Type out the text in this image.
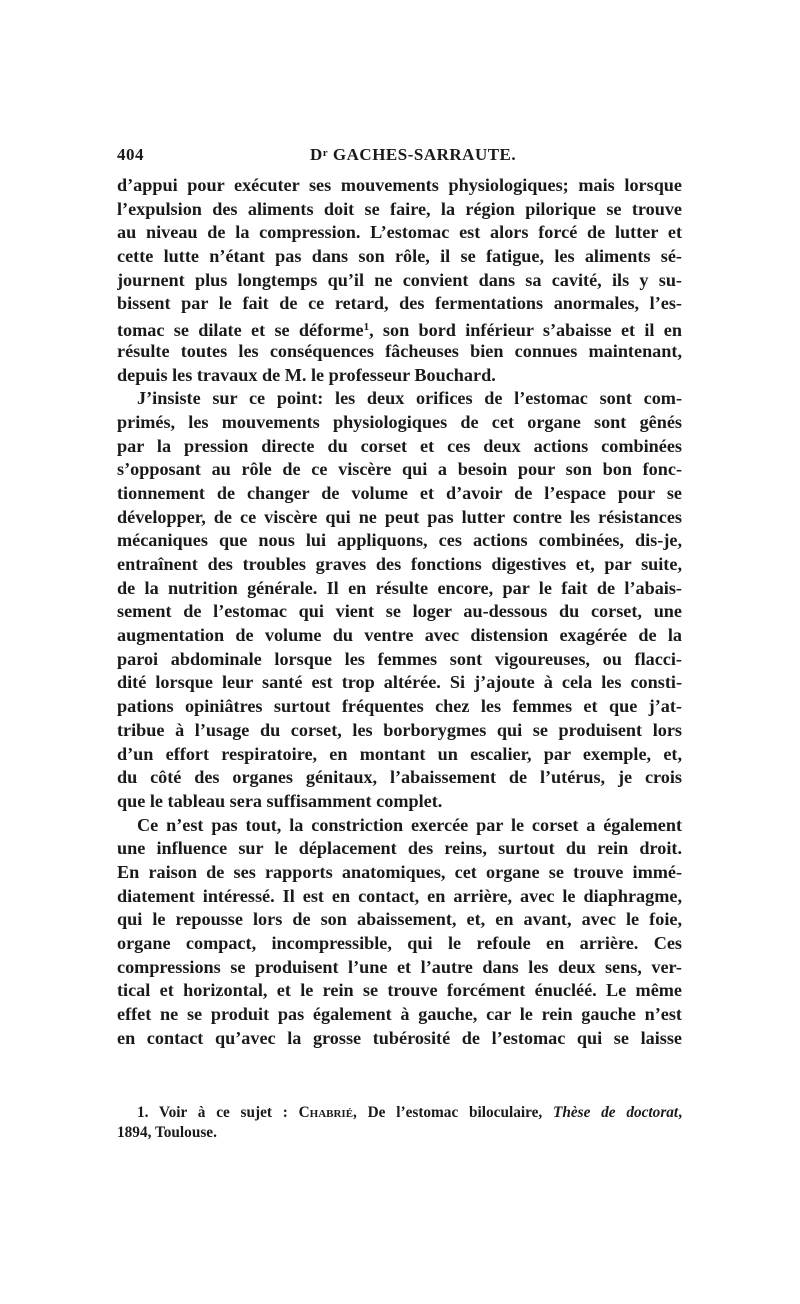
404	$D^r$ GACHES-SARRAUTE.
d’appui pour exécuter ses mouvements physiologiques; mais lorsque
l’expulsion des aliments doit se faire, la région pilorique se trouve
au niveau de la compression. L’estomac est alors forcé de lutter et
cette lutte n’étant pas dans son rôle, il se fatigue, les aliments sé-
journent plus longtemps qu’il ne convient dans sa cavité, ils y su-
bissent par le fait de ce retard, des fermentations anormales, l’es-
tomac se dilate et se déforme$^1$, son bord inférieur s’abaisse et il en
résulte toutes les conséquences fâcheuses bien connues maintenant,
depuis les travaux de M. le professeur Bouchard.
J’insiste sur ce point: les deux orifices de l’estomac sont com-
primés, les mouvements physiologiques de cet organe sont gênés
par la pression directe du corset et ces deux actions combinées
s’opposant au rôle de ce viscère qui a besoin pour son bon fonc-
tionnement de changer de volume et d’avoir de l’espace pour se
développer, de ce viscère qui ne peut pas lutter contre les résistances
mécaniques que nous lui appliquons, ces actions combinées, dis-je,
entraînent des troubles graves des fonctions digestives et, par suite,
de la nutrition générale. Il en résulte encore, par le fait de l’abais-
sement de l’estomac qui vient se loger au-dessous du corset, une
augmentation de volume du ventre avec distension exagérée de la
paroi abdominale lorsque les femmes sont vigoureuses, ou flacci-
dité lorsque leur santé est trop altérée. Si j’ajoute à cela les consti-
pations opiniâtres surtout fréquentes chez les femmes et que j’at-
tribue à l’usage du corset, les borborygmes qui se produisent lors
d’un effort respiratoire, en montant un escalier, par exemple, et,
du côté des organes génitaux, l’abaissement de l’utérus, je crois
que le tableau sera suffisamment complet.
Ce n’est pas tout, la constriction exercée par le corset a également
une influence sur le déplacement des reins, surtout du rein droit.
En raison de ses rapports anatomiques, cet organe se trouve immé-
diatement intéressé. Il est en contact, en arrière, avec le diaphragme,
qui le repousse lors de son abaissement, et, en avant, avec le foie,
organe compact, incompressible, qui le refoule en arrière. Ces
compressions se produisent l’une et l’autre dans les deux sens, ver-
tical et horizontal, et le rein se trouve forcément énucléé. Le même
effet ne se produit pas également à gauche, car le rein gauche n’est
en contact qu’avec la grosse tubérosité de l’estomac qui se laisse
1. Voir à ce sujet : Chabrié, De l’estomac biloculaire, Thèse de doctorat,
1894, Toulouse.
